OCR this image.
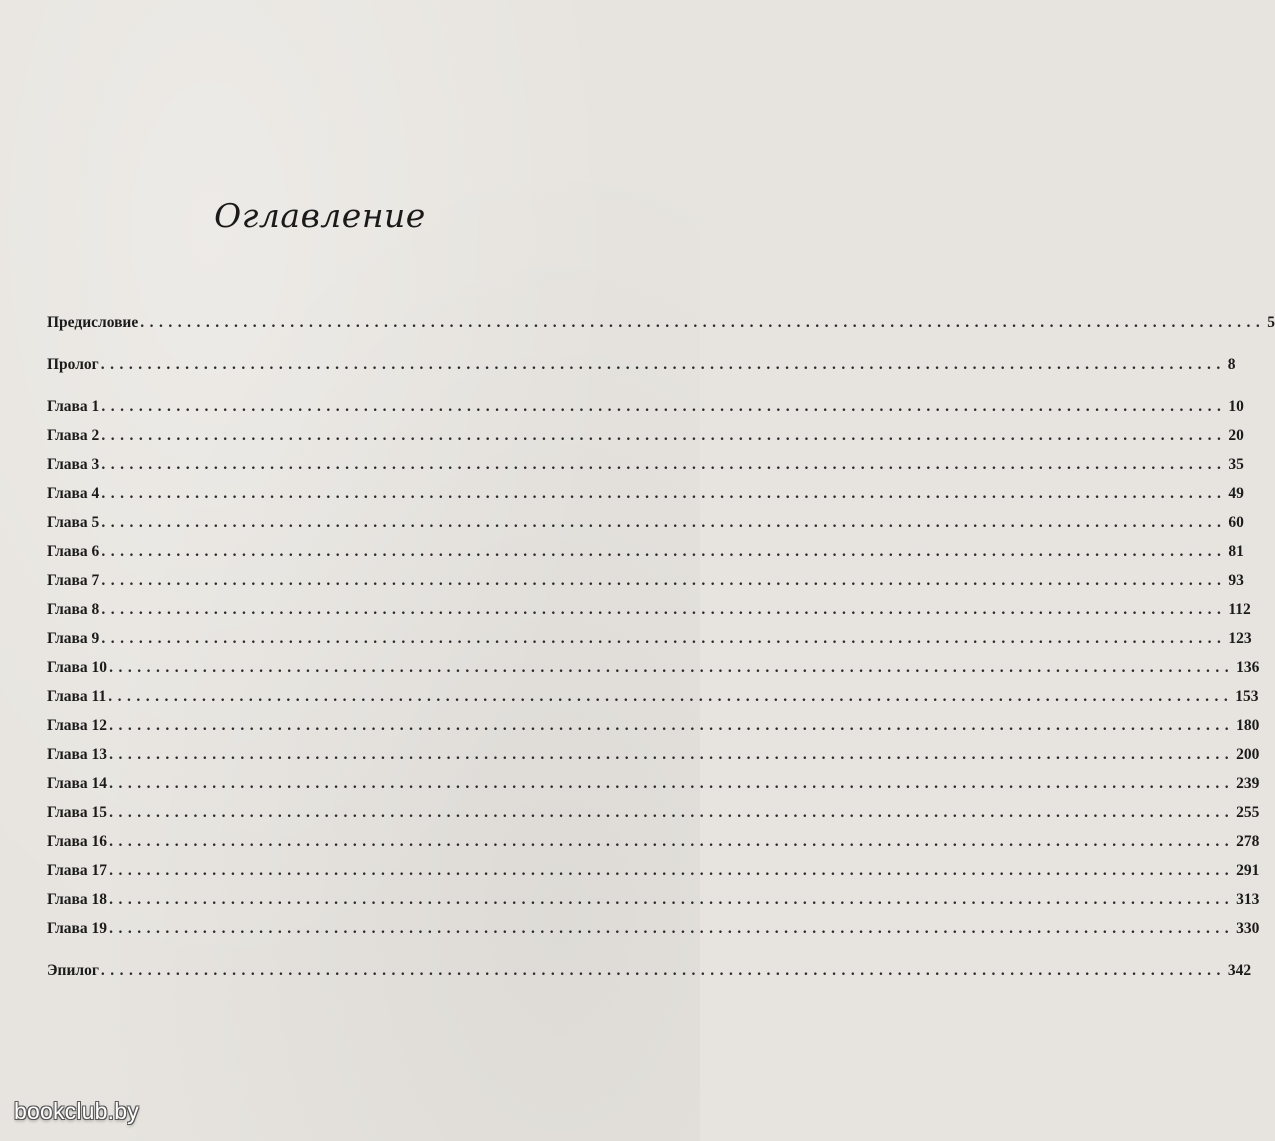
Оглавление
Предисловие ........................................................................................................................ 5
Пролог ........................................................................................................................ 8
Глава 1 ........................................................................................................................ 10
Глава 2 ........................................................................................................................ 20
Глава 3 ........................................................................................................................ 35
Глава 4 ........................................................................................................................ 49
Глава 5 ........................................................................................................................ 60
Глава 6 ........................................................................................................................ 81
Глава 7 ........................................................................................................................ 93
Глава 8 ........................................................................................................................ 112
Глава 9 ........................................................................................................................ 123
Глава 10 ........................................................................................................................ 136
Глава 11 ........................................................................................................................ 153
Глава 12 ........................................................................................................................ 180
Глава 13 ........................................................................................................................ 200
Глава 14 ........................................................................................................................ 239
Глава 15 ........................................................................................................................ 255
Глава 16 ........................................................................................................................ 278
Глава 17 ........................................................................................................................ 291
Глава 18 ........................................................................................................................ 313
Глава 19 ........................................................................................................................ 330
Эпилог ........................................................................................................................ 342
bookclub.by
